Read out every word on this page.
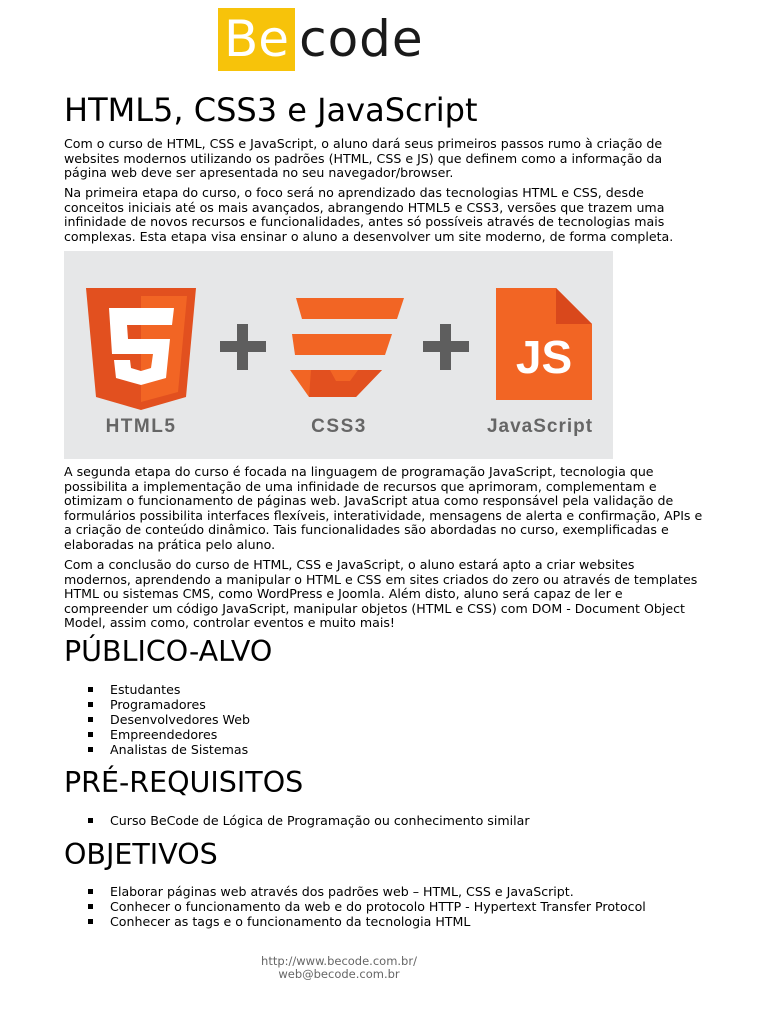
Be code
HTML5, CSS3 e JavaScript

Com o curso de HTML, CSS e JavaScript, o aluno dará seus primeiros passos rumo à criação de websites modernos utilizando os padrões (HTML, CSS e JS) que definem como a informação da página web deve ser apresentada no seu navegador/browser.

Na primeira etapa do curso, o foco será no aprendizado das tecnologias HTML e CSS, desde conceitos iniciais até os mais avançados, abrangendo HTML5 e CSS3, versões que trazem uma infinidade de novos recursos e funcionalidades, antes só possíveis através de tecnologias mais complexas. Esta etapa visa ensinar o aluno a desenvolver um site moderno, de forma completa.

JS
HTML5	CSS3	JavaScript

A segunda etapa do curso é focada na linguagem de programação JavaScript, tecnologia que possibilita a implementação de uma infinidade de recursos que aprimoram, complementam e otimizam o funcionamento de páginas web. JavaScript atua como responsável pela validação de formulários possibilita interfaces flexíveis, interatividade, mensagens de alerta e confirmação, APIs e a criação de conteúdo dinâmico. Tais funcionalidades são abordadas no curso, exemplificadas e elaboradas na prática pelo aluno.

Com a conclusão do curso de HTML, CSS e JavaScript, o aluno estará apto a criar websites modernos, aprendendo a manipular o HTML e CSS em sites criados do zero ou através de templates HTML ou sistemas CMS, como WordPress e Joomla. Além disto, aluno será capaz de ler e compreender um código JavaScript, manipular objetos (HTML e CSS) com DOM - Document Object Model, assim como, controlar eventos e muito mais!

PÚBLICO-ALVO
Estudantes
Programadores
Desenvolvedores Web
Empreendedores
Analistas de Sistemas
PRÉ-REQUISITOS
Curso BeCode de Lógica de Programação ou conhecimento similar
OBJETIVOS
Elaborar páginas web através dos padrões web – HTML, CSS e JavaScript.
Conhecer o funcionamento da web e do protocolo HTTP - Hypertext Transfer Protocol
Conhecer as tags e o funcionamento da tecnologia HTML
http://www.becode.com.br/
web@becode.com.br
